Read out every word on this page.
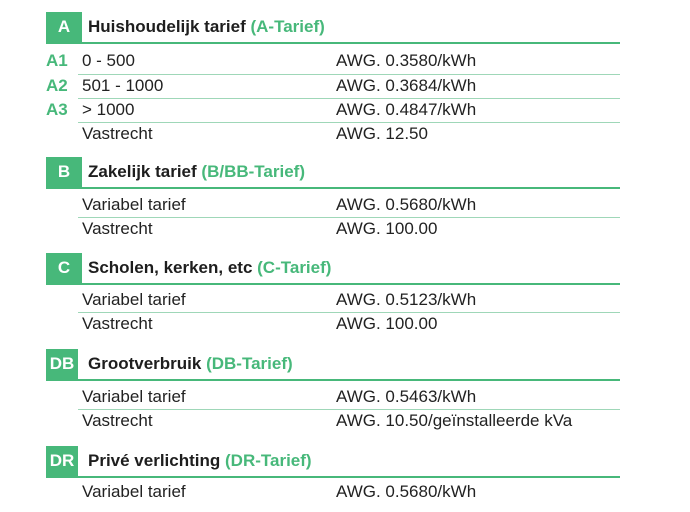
A	Huishoudelijk tarief (A-Tarief)
A1 0 - 500	AWG. 0.3580/kWh
A2 501 - 1000	AWG. 0.3684/kWh
A3 > 1000	AWG. 0.4847/kWh
Vastrecht	AWG. 12.50
B	Zakelijk tarief (B/BB-Tarief)
Variabel tarief	AWG. 0.5680/kWh
Vastrecht	AWG. 100.00
C	Scholen, kerken, etc (C-Tarief)
Variabel tarief	AWG. 0.5123/kWh
Vastrecht	AWG. 100.00
DB Grootverbruik (DB-Tarief)
Variabel tarief	AWG. 0.5463/kWh
Vastrecht	AWG. 10.50/geïnstalleerde kVa
DR Privé verlichting (DR-Tarief)
Variabel tarief	AWG. 0.5680/kWh
